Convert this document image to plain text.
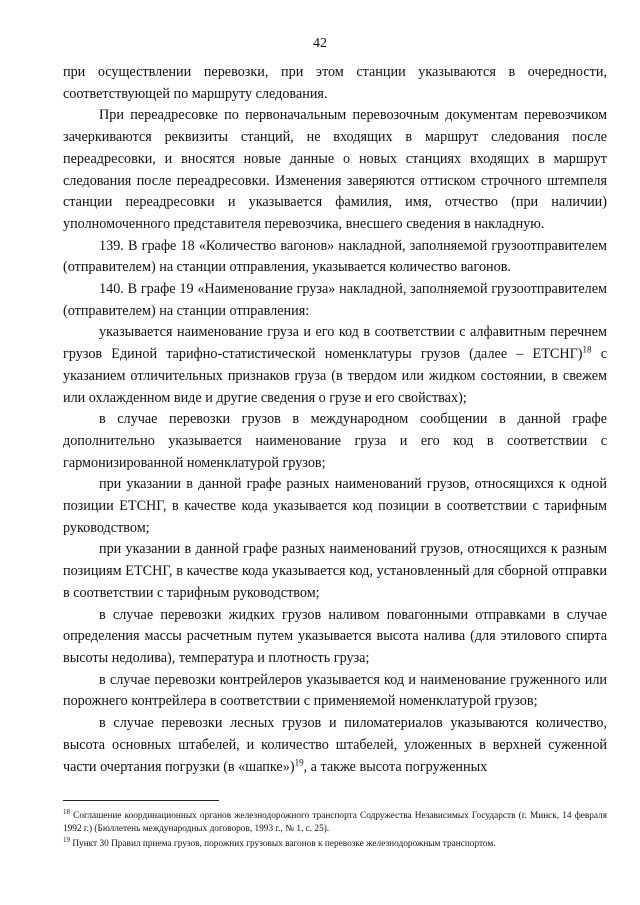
42

при осуществлении перевозки, при этом станции указываются в очередности, соответствующей по маршруту следования.

При переадресовке по первоначальным перевозочным документам перевозчиком зачеркиваются реквизиты станций, не входящих в маршрут следования после переадресовки, и вносятся новые данные о новых станциях входящих в маршрут следования после переадресовки. Изменения заверяются оттиском строчного штемпеля станции переадресовки и указывается фамилия, имя, отчество (при наличии) уполномоченного представителя перевозчика, внесшего сведения в накладную.

139. В графе 18 «Количество вагонов» накладной, заполняемой грузоотправителем (отправителем) на станции отправления, указывается количество вагонов.

140. В графе 19 «Наименование груза» накладной, заполняемой грузоотправителем (отправителем) на станции отправления:

указывается наименование груза и его код в соответствии с алфавитным перечнем грузов Единой тарифно-статистической номенклатуры грузов (далее – ЕТСНГ)$^{18}$ с указанием отличительных признаков груза (в твердом или жидком состоянии, в свежем или охлажденном виде и другие сведения о грузе и его свойствах);

в случае перевозки грузов в международном сообщении в данной графе дополнительно указывается наименование груза и его код в соответствии с гармонизированной номенклатурой грузов;

при указании в данной графе разных наименований грузов, относящихся к одной позиции ЕТСНГ, в качестве кода указывается код позиции в соответствии с тарифным руководством;

при указании в данной графе разных наименований грузов, относящихся к разным позициям ЕТСНГ, в качестве кода указывается код, установленный для сборной отправки в соответствии с тарифным руководством;

в случае перевозки жидких грузов наливом повагонными отправками в случае определения массы расчетным путем указывается высота налива (для этилового спирта высоты недолива), температура и плотность груза;

в случае перевозки контрейлеров указывается код и наименование груженного или порожнего контрейлера в соответствии с применяемой номенклатурой грузов;

в случае перевозки лесных грузов и пиломатериалов указываются количество, высота основных штабелей, и количество штабелей, уложенных в верхней суженной части очертания погрузки (в «шапке»)$^{19}$, а также высота погруженных

$^{18}$ Соглашение координационных органов железнодорожного транспорта Содружества Независимых Государств (г. Минск, 14 февраля 1992 г.) (Бюллетень международных договоров, 1993 г., № 1, с. 25).

$^{19}$ Пункт 30 Правил приема грузов, порожних грузовых вагонов к перевозке железнодорожным транспортом.
